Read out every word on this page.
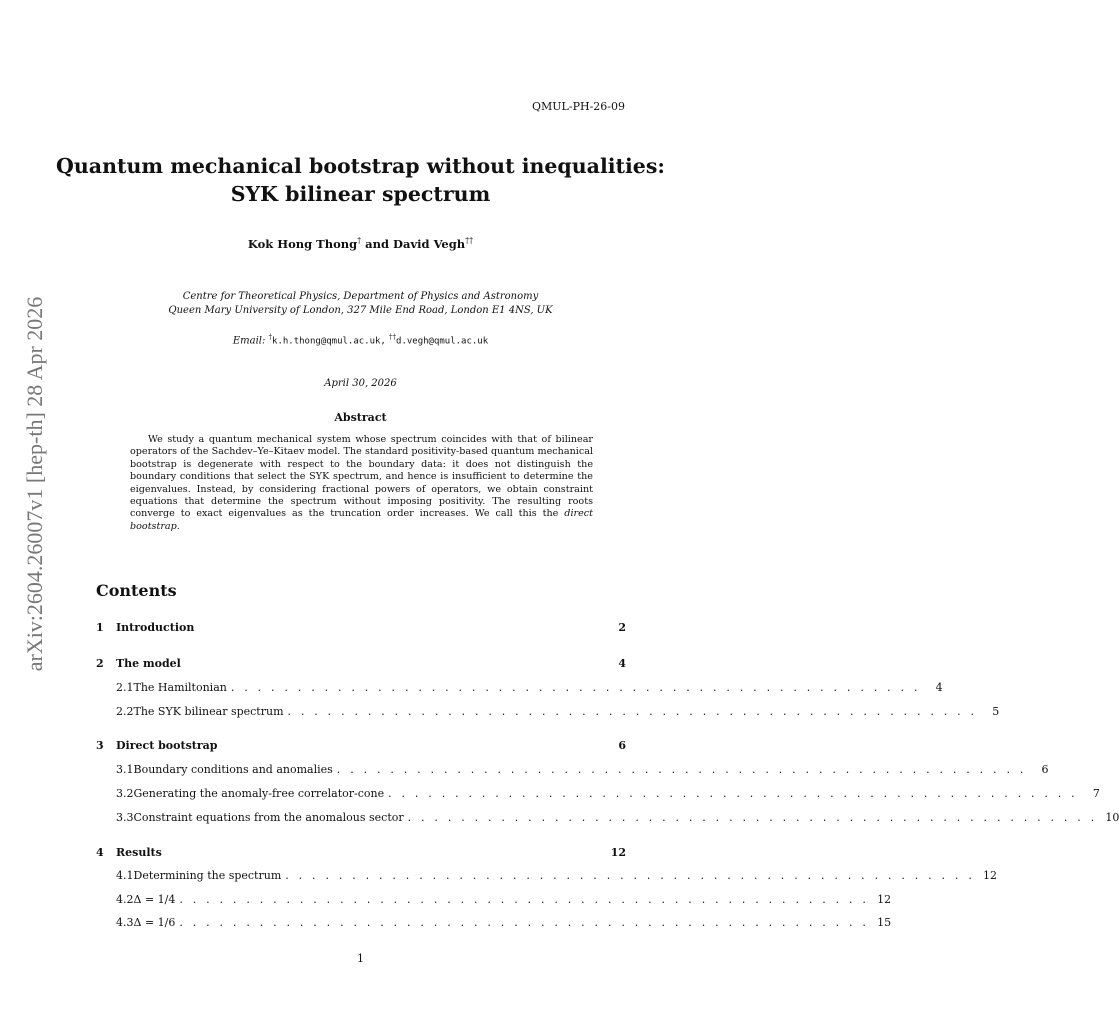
QMUL-PH-26-09
Quantum mechanical bootstrap without inequalities:
SYK bilinear spectrum
Kok Hong Thong† and David Vegh††
Centre for Theoretical Physics, Department of Physics and Astronomy
Queen Mary University of London, 327 Mile End Road, London E1 4NS, UK
Email: †k.h.thong@qmul.ac.uk, ††d.vegh@qmul.ac.uk
April 30, 2026
Abstract
We study a quantum mechanical system whose spectrum coincides with that of bilinear operators of the Sachdev–Ye–Kitaev model. The standard positivity-based quantum mechanical bootstrap is degenerate with respect to the boundary data: it does not distinguish the boundary conditions that select the SYK spectrum, and hence is insufficient to determine the eigenvalues. Instead, by considering fractional powers of operators, we obtain constraint equations that determine the spectrum without imposing positivity. The resulting roots converge to exact eigenvalues as the truncation order increases. We call this the direct bootstrap.
arXiv:2604.26007v1 [hep-th] 28 Apr 2026	Contents
1	Introduction	2
2	The model	4
2.1 The Hamiltonian . . . . . . . . . . . . . . . . . . . . . . . . . . . . . . . . . . . . . . . . . . . . . . . . . . . .	4
2.2 The SYK bilinear spectrum . . . . . . . . . . . . . . . . . . . . . . . . . . . . . . . . . . . . . . . . . . . . . . . . . . . .	5
3	Direct bootstrap	6
3.1 Boundary conditions and anomalies . . . . . . . . . . . . . . . . . . . . . . . . . . . . . . . . . . . . . . . . . . . . . . . . . . . .	6
3.2 Generating the anomaly-free correlator-cone . . . . . . . . . . . . . . . . . . . . . . . . . . . . . . . . . . . . . . . . . . . . . . . . . . . .	7
3.3 Constraint equations from the anomalous sector . . . . . . . . . . . . . . . . . . . . . . . . . . . . . . . . . . . . . . . . . . . . . . . . . . . . 10
4	Results	12
4.1 Determining the spectrum . . . . . . . . . . . . . . . . . . . . . . . . . . . . . . . . . . . . . . . . . . . . . . . . . . . . 12
4.2 Δ = 1/4 . . . . . . . . . . . . . . . . . . . . . . . . . . . . . . . . . . . . . . . . . . . . . . . . . . . . 12
4.3 Δ = 1/6 . . . . . . . . . . . . . . . . . . . . . . . . . . . . . . . . . . . . . . . . . . . . . . . . . . . . 15
1
